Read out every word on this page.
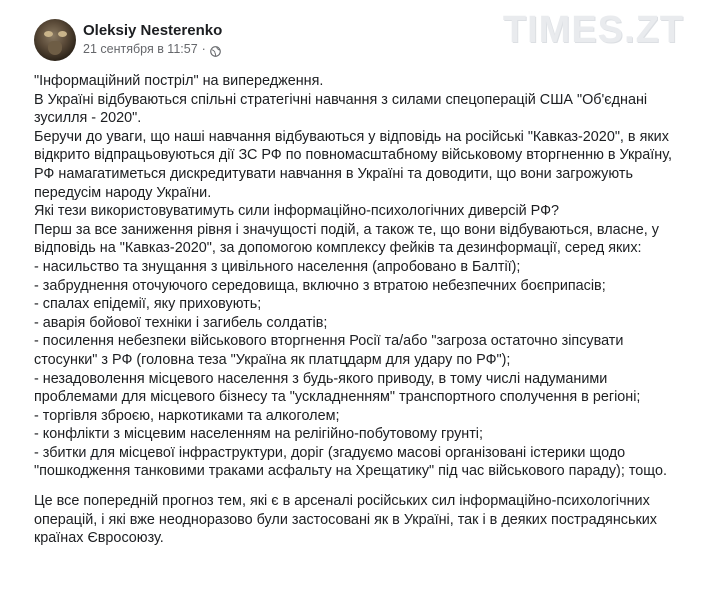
Oleksiy Nesterenko
21 сентября в 11:57 ·	TIMES.ZT

"Інформаційний постріл" на випередження.
В Україні відбуваються спільні стратегічні навчання з силами спецоперацій США "Об'єднані зусилля - 2020".
Беручи до уваги, що наші навчання відбуваються у відповідь на російські "Кавказ-2020", в яких відкрито відпрацьовуються дії ЗС РФ по повномасштабному військовому вторгненню в Україну, РФ намагатиметься дискредитувати навчання в Україні та доводити, що вони загрожують передусім народу України.
Які тези використовуватимуть сили інформаційно-психологічних диверсій РФ?
Перш за все заниження рівня і значущості подій, а також те, що вони відбуваються, власне, у відповідь на "Кавказ-2020", за допомогою комплексу фейків та дезинформації, серед яких:
- насильство та знущання з цивільного населення (апробовано в Балтії);
- забруднення оточуючого середовища, включно з втратою небезпечних боєприпасів;
- спалах епідемії, яку приховують;
- аварія бойової техніки і загибель солдатів;
- посилення небезпеки військового вторгнення Росії та/або "загроза остаточно зіпсувати стосунки" з РФ (головна теза "Україна як платцдарм для удару по РФ");
- незадоволення місцевого населення з будь-якого приводу, в тому числі надуманими проблемами для місцевого бізнесу та "ускладненням" транспортного сполучення в регіоні;
- торгівля зброєю, наркотиками та алкоголем;
- конфлікти з місцевим населенням на релігійно-побутовому грунті;
- збитки для місцевої інфраструктури, доріг (згадуємо масові організовані істерики щодо "пошкодження танковими траками асфальту на Хрещатику" під час військового параду); тощо.

Це все попередній прогноз тем, які є в арсеналі російських сил інформаційно-психологічних операцій, і які вже неодноразово були застосовані як в Україні, так і в деяких пострадянських країнах Євросоюзу.
